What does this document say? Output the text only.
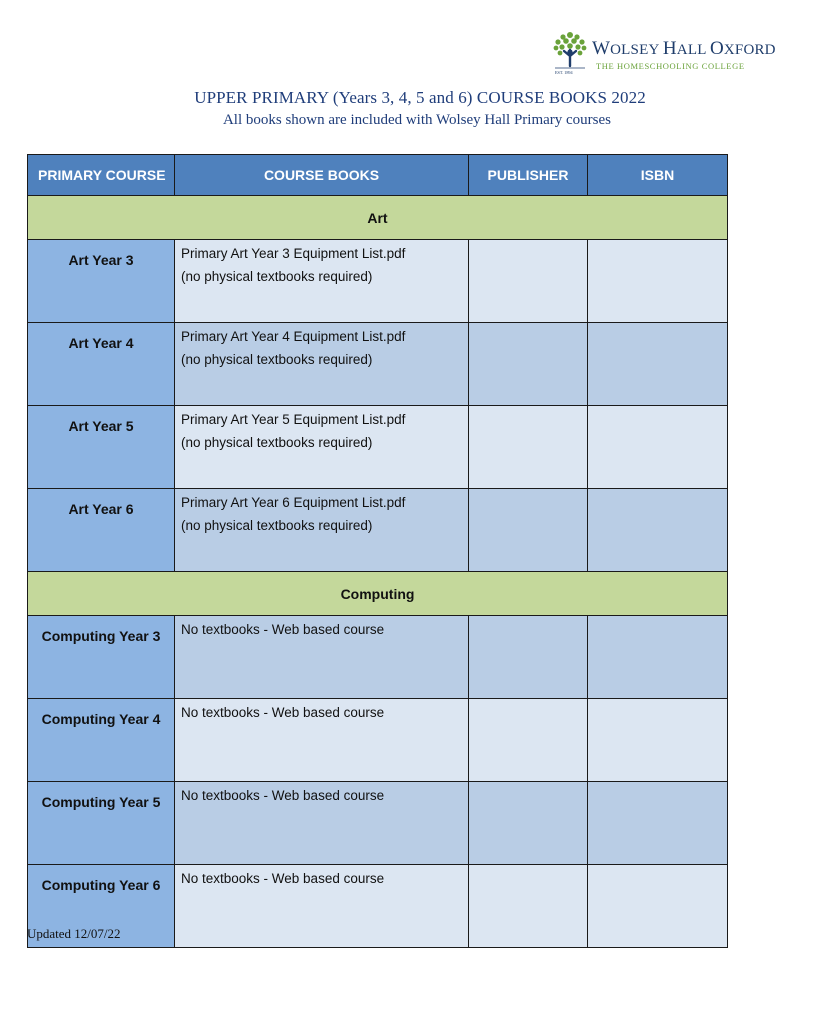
EST. 1894
WOLSEY HALL OXFORD
THE HOMESCHOOLING COLLEGE
UPPER PRIMARY (Years 3, 4, 5 and 6) COURSE BOOKS 2022
All books shown are included with Wolsey Hall Primary courses
PRIMARY COURSE	COURSE BOOKS	PUBLISHER	ISBN
Art			
Art Year 3	Primary Art Year 3 Equipment List.pdf
(no physical textbooks required)		

Art Year 4	Primary Art Year 4 Equipment List.pdf
(no physical textbooks required)		

Art Year 5	Primary Art Year 5 Equipment List.pdf
(no physical textbooks required)		

Art Year 6	Primary Art Year 6 Equipment List.pdf
(no physical textbooks required)		

Computing			
Computing Year 3	No textbooks - Web based course		
Computing Year 4	No textbooks - Web based course		
Computing Year 5	No textbooks - Web based course		
Computing Year 6	No textbooks - Web based course		
Updated 12/07/22
